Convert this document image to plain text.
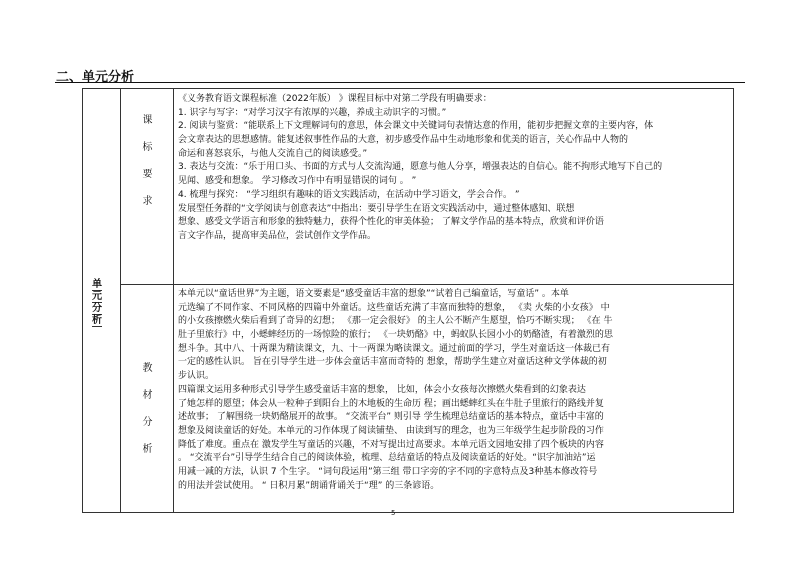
二、单元分析
单元分析
课
标
要
求
教
材
分
析
《义务教育语文课程标准（2022年版） 》课程目标中对第二学段有明确要求：
1. 识字与写字：“对学习汉字有浓厚的兴趣，养成主动识字的习惯。”
2. 阅读与鉴赏：“能联系上下文理解词句的意思，体会课文中关键词句表情达意的作用，能初步把握文章的主要内容，体
会文章表达的思想感情。能复述叙事性作品的大意，初步感受作品中生动地形象和优美的语言，关心作品中人物的
命运和喜怒哀乐，与他人交流自己的阅读感受。”
3. 表达与交流：“乐于用口头、书面的方式与人交流沟通，愿意与他人分享，增强表达的自信心。能不拘形式地写下自己的
见闻、感受和想象。 学习修改习作中有明显错误的词句 。 ”
4. 梳理与探究： “学习组织有趣味的语文实践活动，在活动中学习语文，学会合作。 ”
发展型任务群的“文学阅读与创意表达”中指出：要引导学生在语文实践活动中，通过整体感知、联想
想象、感受文学语言和形象的独特魅力，获得个性化的审美体验； 了解文学作品的基本特点，欣赏和评价语
言文字作品，提高审美品位，尝试创作文学作品。
本单元以“童话世界”为主题，语文要素是“感受童话丰富的想象”“试着自己编童话，写童话” 。本单
元选编了不同作家、不同风格的四篇中外童话。这些童话充满了丰富而独特的想象， 《卖 火柴的小女孩》 中
的小女孩擦燃火柴后看到了奇异的幻想； 《那一定会很好》 的主人公不断产生愿望，恰巧不断实现； 《在 牛
肚子里旅行》中，小蟋蟀经历的一场惊险的旅行； 《一块奶酪》中，蚂蚁队长园小小的奶酪渣，有着激烈的思
想斗争。其中八、十两课为精读课文，九、十一两课为略读课文。通过前面的学习，学生对童话这一体裁已有
一定的感性认识。 旨在引导学生进一步体会童话丰富而奇特的 想象，帮助学生建立对童话这种文学体裁的初
步认识。
四篇课文运用多种形式引导学生感受童话丰富的想象， 比如，体会小女孩每次擦燃火柴看到的幻象表达
了她怎样的愿望；体会从一粒种子到阳台上的木地板的生命历 程；画出蟋蟀红头在牛肚子里旅行的路线并复
述故事； 了解围绕一块奶酪展开的故事。 “交流平台” 则引导 学生梳理总结童话的基本特点，童话中丰富的
想象及阅读童话的好处。本单元的习作体现了阅读铺垫、 由读到写的理念，也为三年级学生起步阶段的习作
降低了难度。重点在 激发学生写童话的兴趣，不对写提出过高要求。本单元语文园地安排了四个板块的内容
。 “交流平台”引导学生结合自己的阅读体验，梳理、总结童话的特点及阅读童话的好处。“识字加油站”运
用减一减的方法，认识 7 个生字。 “词句段运用”第三组 带口字旁的字不同的字意特点及3种基本修改符号
的用法并尝试使用。 “ 日积月累”朗诵背诵关于“理” 的三条谚语。
5
